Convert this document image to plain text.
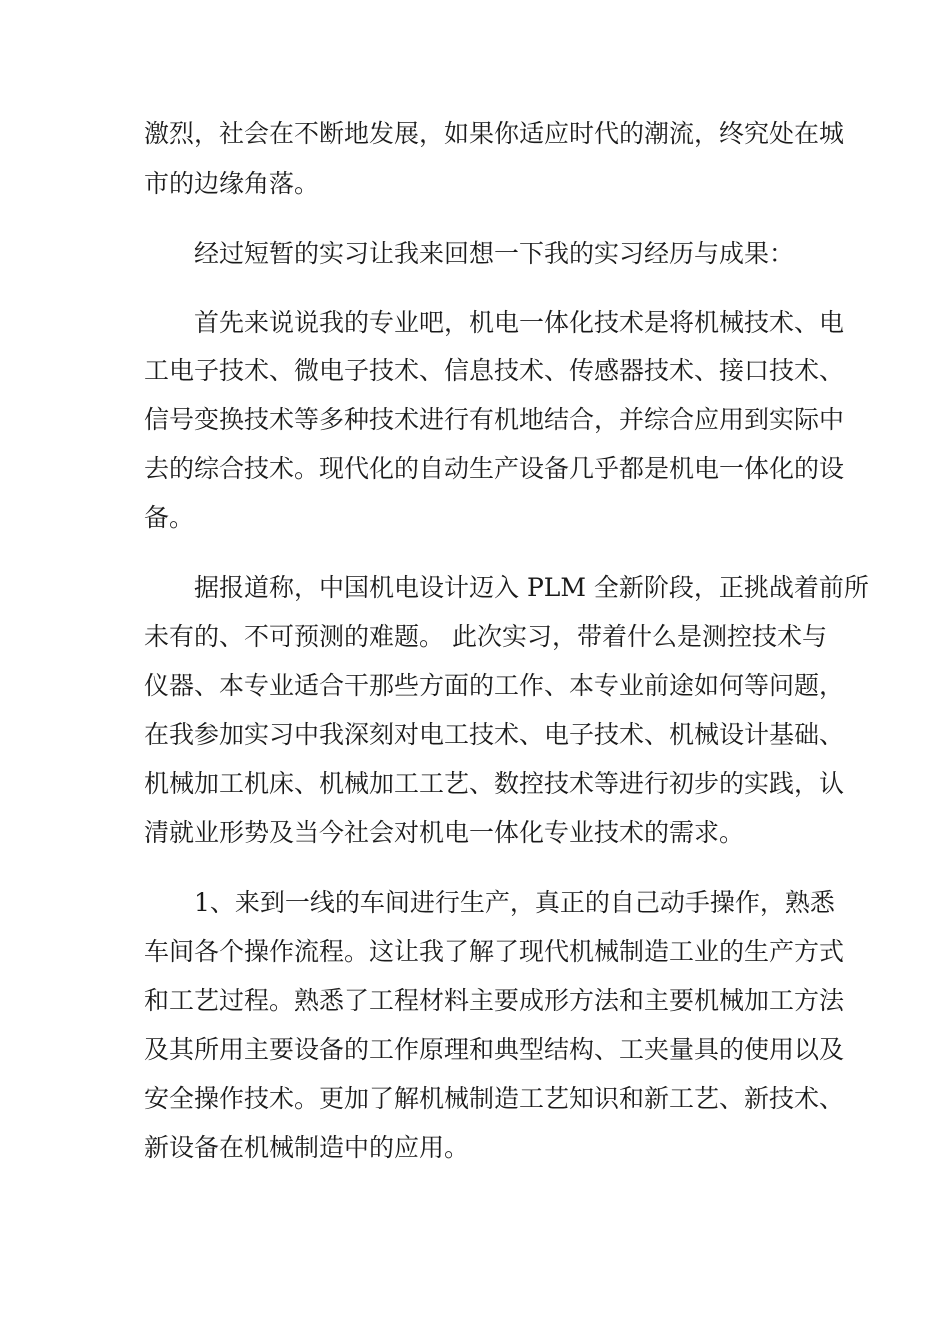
激烈，社会在不断地发展，如果你适应时代的潮流，终究处在城
市的边缘角落。
经过短暂的实习让我来回想一下我的实习经历与成果：
首先来说说我的专业吧，机电一体化技术是将机械技术、电
工电子技术、微电子技术、信息技术、传感器技术、接口技术、
信号变换技术等多种技术进行有机地结合，并综合应用到实际中
去的综合技术。现代化的自动生产设备几乎都是机电一体化的设
备。
据报道称，中国机电设计迈入 PLM 全新阶段，正挑战着前所
未有的、不可预测的难题。 此次实习，带着什么是测控技术与
仪器、本专业适合干那些方面的工作、本专业前途如何等问题，
在我参加实习中我深刻对电工技术、电子技术、机械设计基础、
机械加工机床、机械加工工艺、数控技术等进行初步的实践，认
清就业形势及当今社会对机电一体化专业技术的需求。
1、来到一线的车间进行生产，真正的自己动手操作，熟悉
车间各个操作流程。这让我了解了现代机械制造工业的生产方式
和工艺过程。熟悉了工程材料主要成形方法和主要机械加工方法
及其所用主要设备的工作原理和典型结构、工夹量具的使用以及
安全操作技术。更加了解机械制造工艺知识和新工艺、新技术、
新设备在机械制造中的应用。
